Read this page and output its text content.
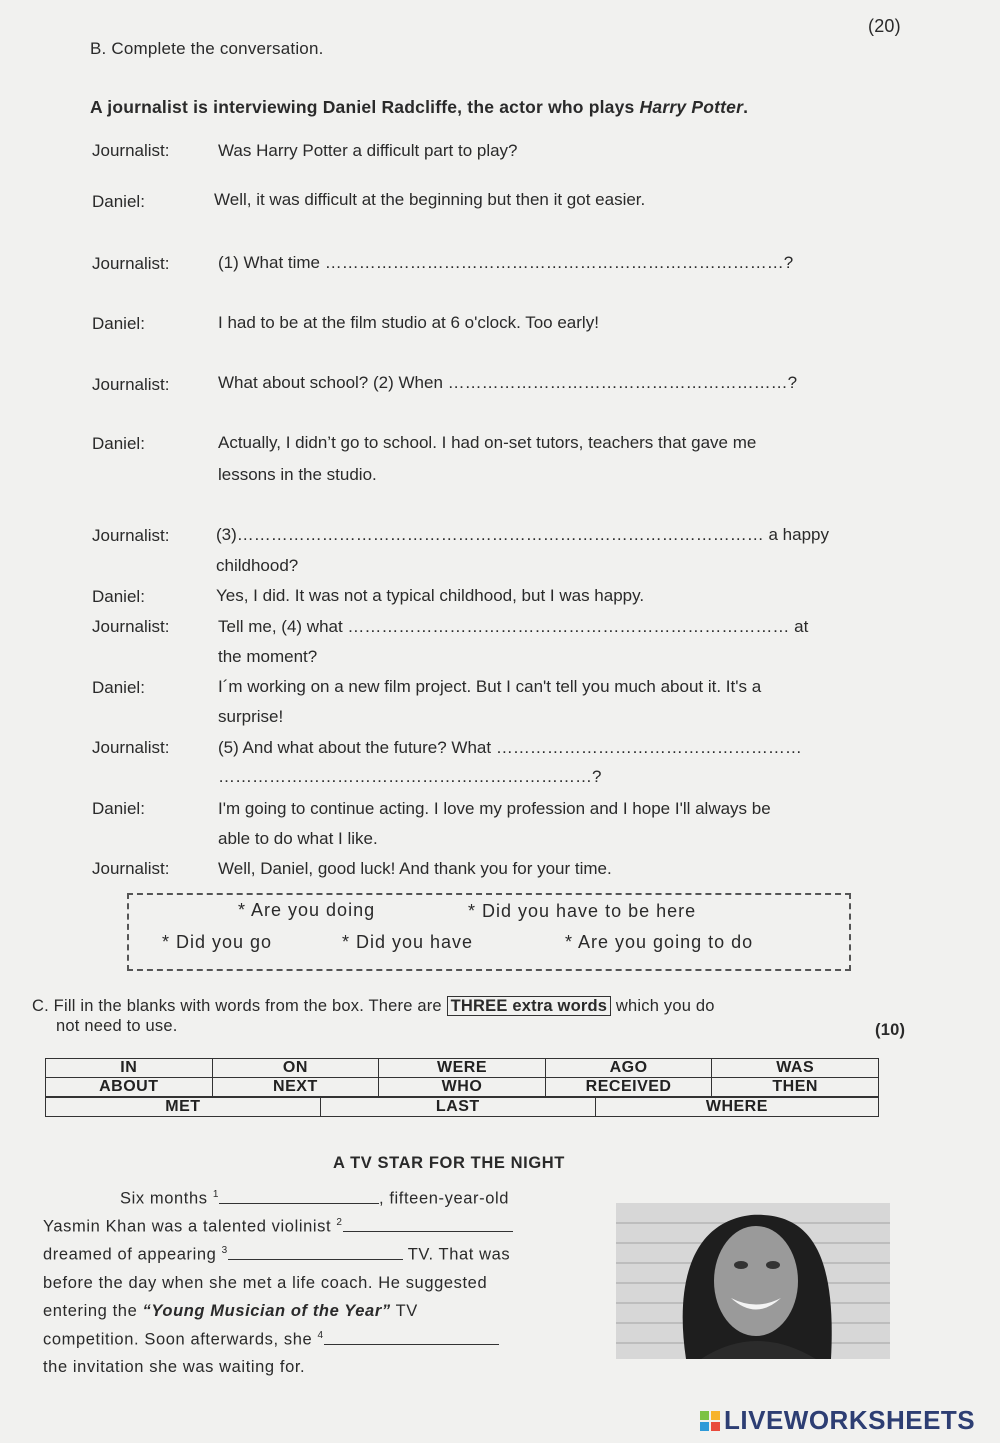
(20)
B. Complete the conversation.
A journalist is interviewing Daniel Radcliffe, the actor who plays Harry Potter.
Journalist:	Was Harry Potter a difficult part to play?
Daniel:	Well, it was difficult at the beginning but then it got easier.
Journalist:	(1) What time ………………………………………………………………………?
Daniel:	I had to be at the film studio at 6 o'clock. Too early!
Journalist:	What about school? (2) When ……………………………………………………?
Daniel:	Actually, I didn’t go to school. I had on-set tutors, teachers that gave me
lessons in the studio.
Journalist:	(3)………………………………………………………………………………… a happy
childhood?
Daniel:	Yes, I did. It was not a typical childhood, but I was happy.
Journalist:	Tell me, (4) what …………………………………………………………………… at
the moment?
Daniel:	I´m working on a new film project. But I can't tell you much about it. It's a
surprise!
Journalist:	(5) And what about the future? What ………………………………………………
…………………………………………………………?
Daniel:	I'm going to continue acting. I love my profession and I hope I'll always be
able to do what I like.
Journalist:	Well, Daniel, good luck! And thank you for your time.
* Are you doing	* Did you have to be here
* Did you go	* Did you have	* Are you going to do
C. Fill in the blanks with words from the box. There are THREE extra words which you do
not need to use.	(10)
IN	ON	WERE	AGO	WAS
ABOUT	NEXT	WHO	RECEIVED	THEN
MET	LAST	WHERE
A TV STAR FOR THE NIGHT
Six months $^1$	, fifteen-year-old
Yasmin Khan was a talented violinist $^2$
dreamed of appearing $^3$	TV. That was
before the day when she met a life coach. He suggested
entering the “Young Musician of the Year” TV
competition. Soon afterwards, she $^4$
the invitation she was waiting for.
LIVEWORKSHEETS
